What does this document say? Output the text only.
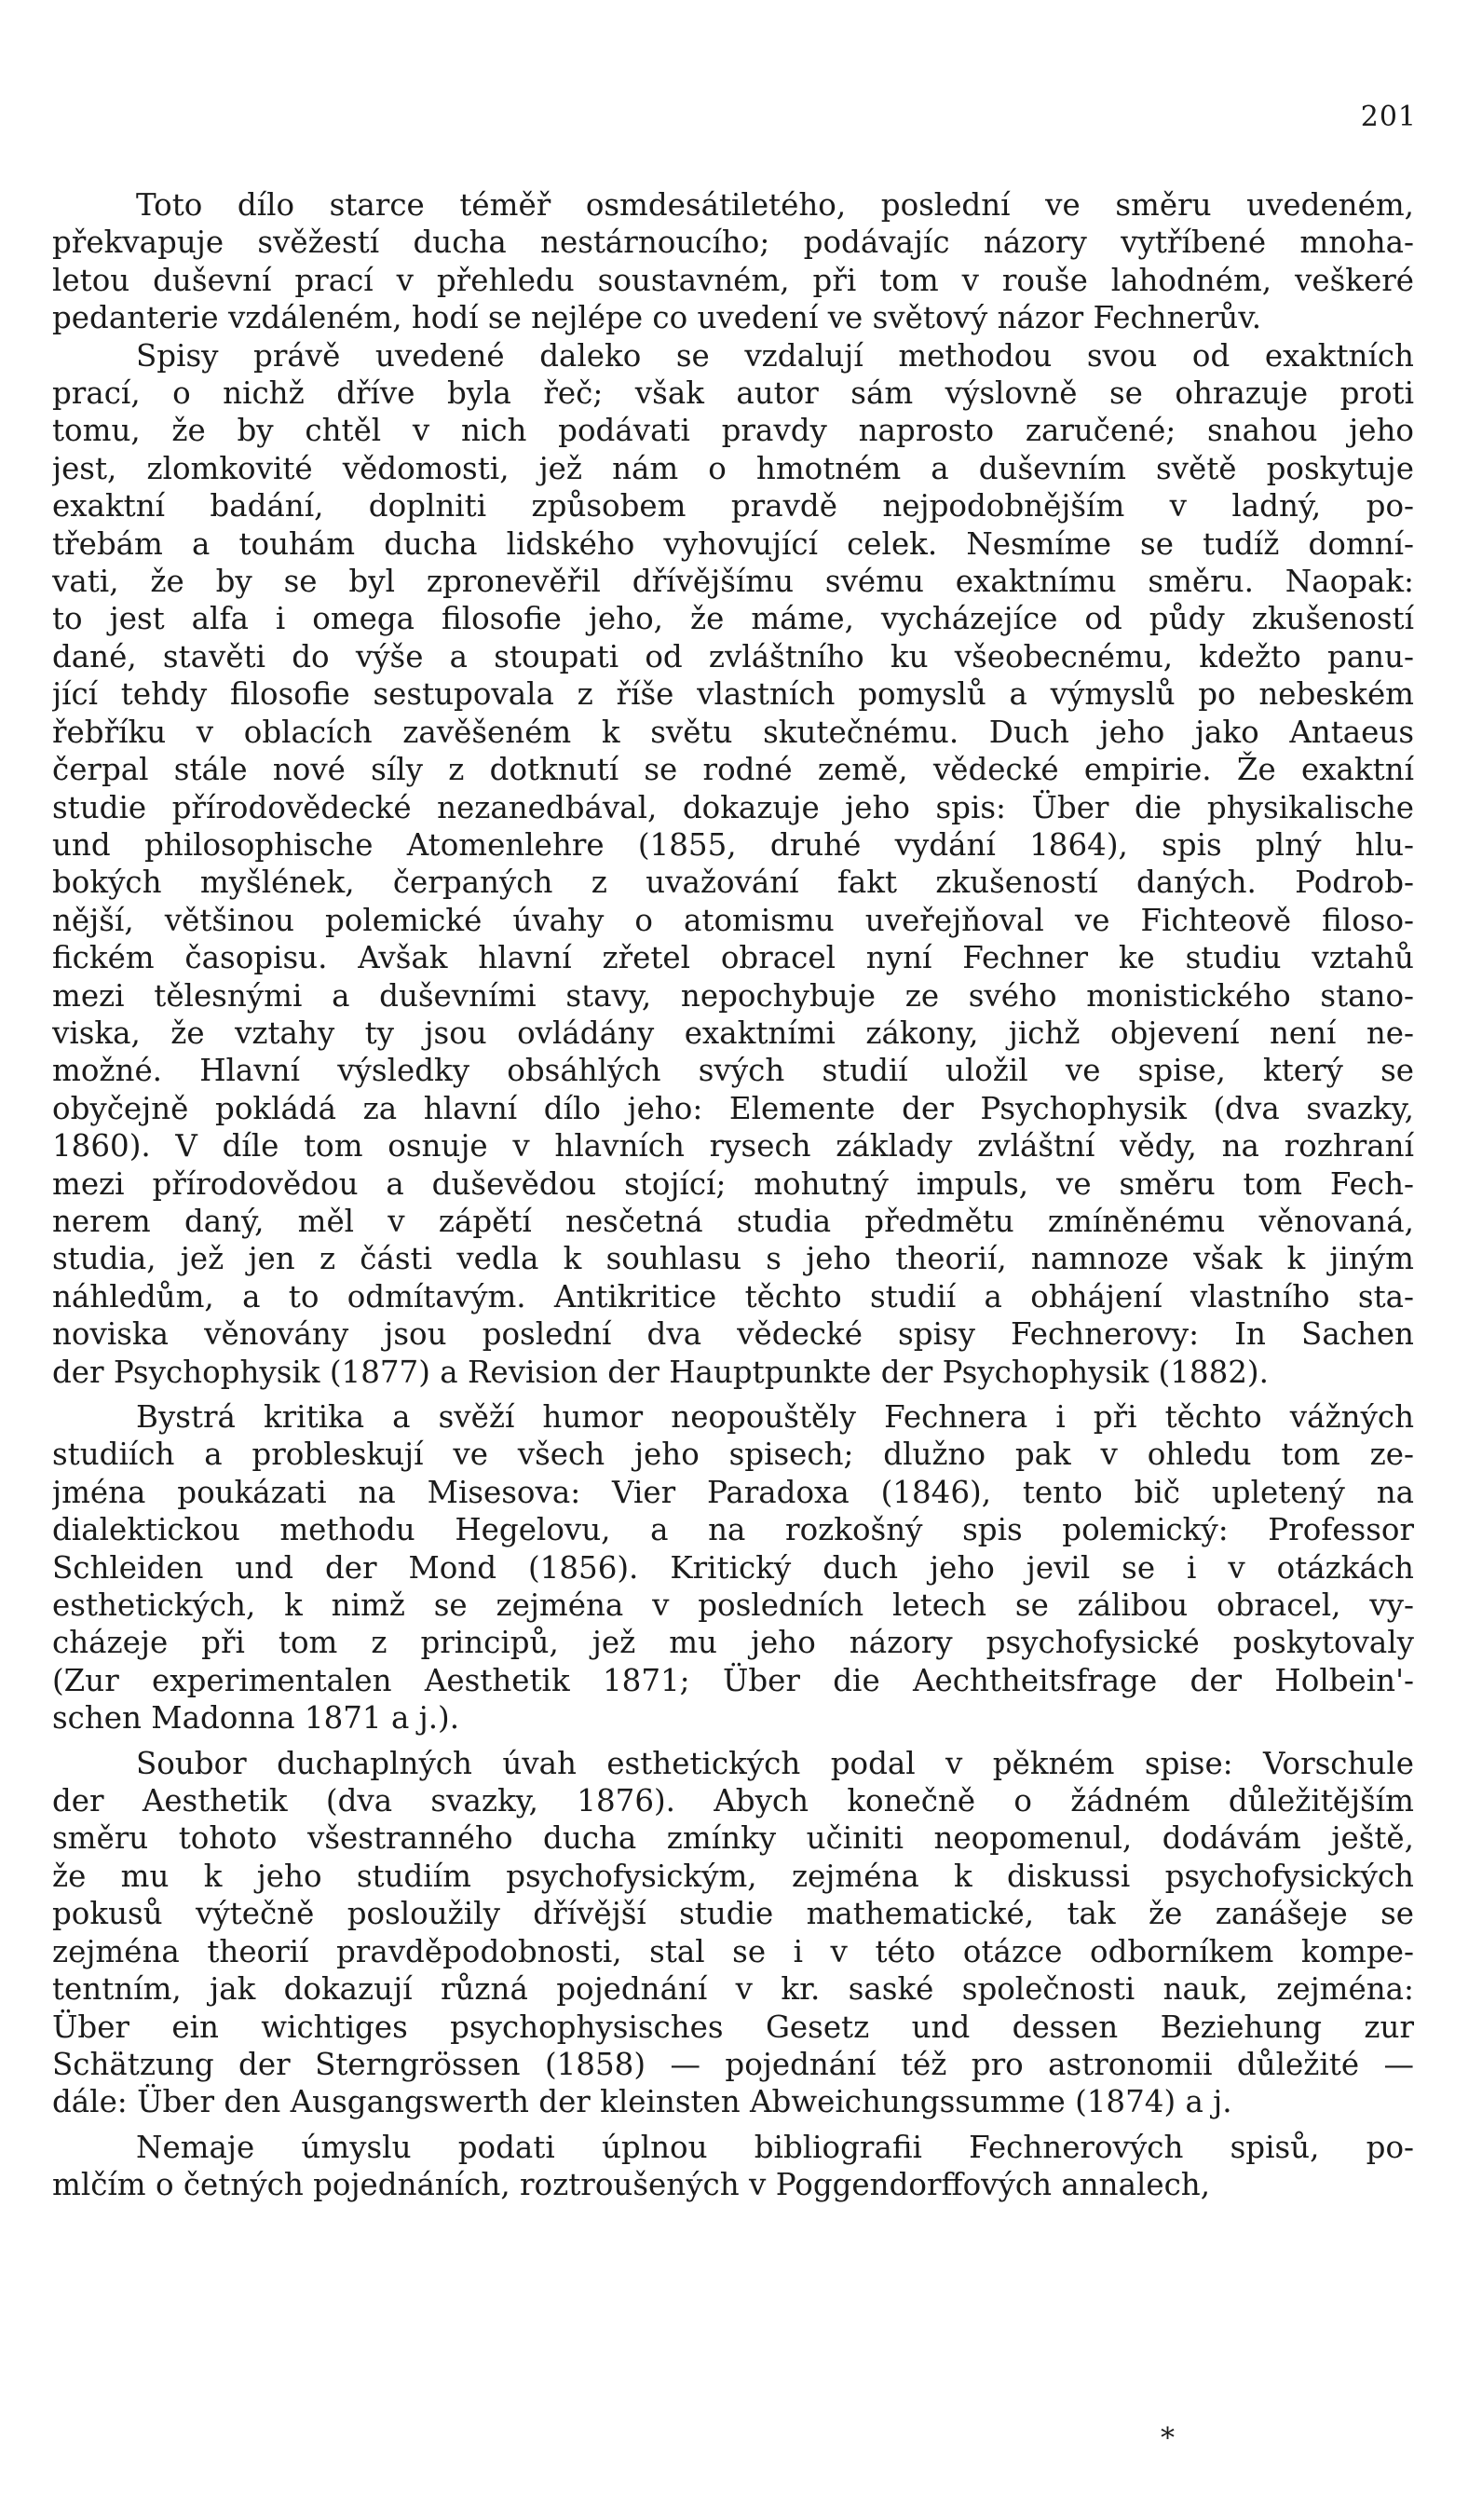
201
Toto dílo starce téměř osmdesátiletého, poslední ve směru uvedeném,
překvapuje svěžestí ducha nestárnoucího; podávajíc názory vytříbené mnoha-
letou duševní prací v přehledu soustavném, při tom v rouše lahodném, veškeré
pedanterie vzdáleném, hodí se nejlépe co uvedení ve světový názor Fechnerův.
Spisy právě uvedené daleko se vzdalují methodou svou od exaktních
prací, o nichž dříve byla řeč; však autor sám výslovně se ohrazuje proti
tomu, že by chtěl v nich podávati pravdy naprosto zaručené; snahou jeho
jest, zlomkovité vědomosti, jež nám o hmotném a duševním světě poskytuje
exaktní badání, doplniti způsobem pravdě nejpodobnějším v ladný, po-
třebám a touhám ducha lidského vyhovující celek. Nesmíme se tudíž domní-
vati, že by se byl zpronevěřil dřívějšímu svému exaktnímu směru. Naopak:
to jest alfa i omega filosofie jeho, že máme, vycházejíce od půdy zkušeností
dané, stavěti do výše a stoupati od zvláštního ku všeobecnému, kdežto panu-
jící tehdy filosofie sestupovala z říše vlastních pomyslů a výmyslů po nebeském
řebříku v oblacích zavěšeném k světu skutečnému. Duch jeho jako Antaeus
čerpal stále nové síly z dotknutí se rodné země, vědecké empirie. Že exaktní
studie přírodovědecké nezanedbával, dokazuje jeho spis: Über die physikalische
und philosophische Atomenlehre (1855, druhé vydání 1864), spis plný hlu-
bokých myšlének, čerpaných z uvažování fakt zkušeností daných. Podrob-
nější, většinou polemické úvahy o atomismu uveřejňoval ve Fichteově filoso-
fickém časopisu. Avšak hlavní zřetel obracel nyní Fechner ke studiu vztahů
mezi tělesnými a duševními stavy, nepochybuje ze svého monistického stano-
viska, že vztahy ty jsou ovládány exaktními zákony, jichž objevení není ne-
možné. Hlavní výsledky obsáhlých svých studií uložil ve spise, který se
obyčejně pokládá za hlavní dílo jeho: Elemente der Psychophysik (dva svazky,
1860). V díle tom osnuje v hlavních rysech základy zvláštní vědy, na rozhraní
mezi přírodovědou a duševědou stojící; mohutný impuls, ve směru tom Fech-
nerem daný, měl v zápětí nesčetná studia předmětu zmíněnému věnovaná,
studia, jež jen z části vedla k souhlasu s jeho theorií, namnoze však k jiným
náhledům, a to odmítavým. Antikritice těchto studií a obhájení vlastního sta-
noviska věnovány jsou poslední dva vědecké spisy Fechnerovy: In Sachen
der Psychophysik (1877) a Revision der Hauptpunkte der Psychophysik (1882).
Bystrá kritika a svěží humor neopouštěly Fechnera i při těchto vážných
studiích a probleskují ve všech jeho spisech; dlužno pak v ohledu tom ze-
jména poukázati na Misesova: Vier Paradoxa (1846), tento bič upletený na
dialektickou methodu Hegelovu, a na rozkošný spis polemický: Professor
Schleiden und der Mond (1856). Kritický duch jeho jevil se i v otázkách
esthetických, k nimž se zejména v posledních letech se zálibou obracel, vy-
cházeje při tom z principů, jež mu jeho názory psychofysické poskytovaly
(Zur experimentalen Aesthetik 1871; Über die Aechtheitsfrage der Holbein'-
schen Madonna 1871 a j.).
Soubor duchaplných úvah esthetických podal v pěkném spise: Vorschule
der Aesthetik (dva svazky, 1876). Abych konečně o žádném důležitějším
směru tohoto všestranného ducha zmínky učiniti neopomenul, dodávám ještě,
že mu k jeho studiím psychofysickým, zejména k diskussi psychofysických
pokusů výtečně posloužily dřívější studie mathematické, tak že zanášeje se
zejména theorií pravděpodobnosti, stal se i v této otázce odborníkem kompe-
tentním, jak dokazují různá pojednání v kr. saské společnosti nauk, zejména:
Über ein wichtiges psychophysisches Gesetz und dessen Beziehung zur
Schätzung der Sterngrössen (1858) — pojednání též pro astronomii důležité —
dále: Über den Ausgangswerth der kleinsten Abweichungssumme (1874) a j.
Nemaje úmyslu podati úplnou bibliografii Fechnerových spisů, po-
mlčím o četných pojednáních, roztroušených v Poggendorffových annalech,
*
